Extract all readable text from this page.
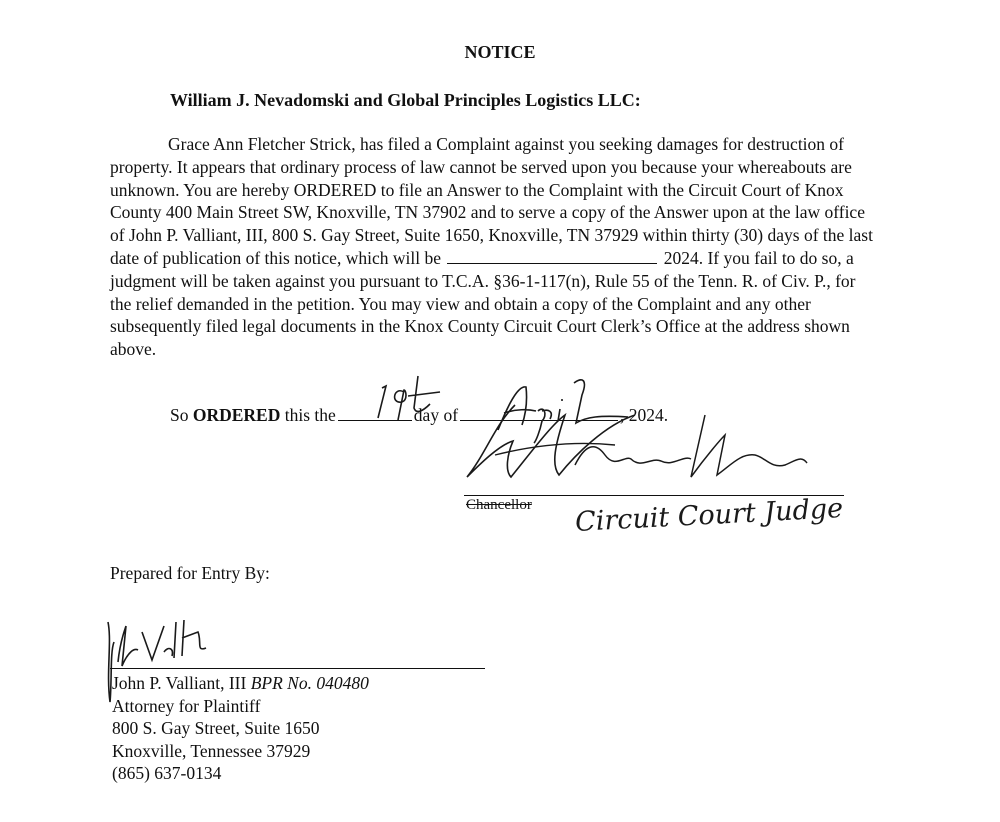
NOTICE
William J. Nevadomski and Global Principles Logistics LLC:

Grace Ann Fletcher Strick, has filed a Complaint against you seeking damages for destruction of property. It appears that ordinary process of law cannot be served upon you because your whereabouts are unknown. You are hereby ORDERED to file an Answer to the Complaint with the Circuit Court of Knox County 400 Main Street SW, Knoxville, TN 37902 and to serve a copy of the Answer upon at the law office of John P. Valliant, III, 800 S. Gay Street, Suite 1650, Knoxville, TN 37929 within thirty (30) days of the last date of publication of this notice, which will be	2024. If you fail to do so, a judgment will be taken against you pursuant to T.C.A. §36-1-117(n), Rule 55 of the Tenn. R. of Civ. P., for the relief demanded in the petition. You may view and obtain a copy of the Complaint and any other subsequently filed legal documents in the Knox County Circuit Court Clerk’s Office at the address shown above.

So ORDERED this the	day of	, 2024.
Chancellor Circuit Court Judge
Prepared for Entry By:
John P. Valliant, III BPR No. 040480
Attorney for Plaintiff
800 S. Gay Street, Suite 1650
Knoxville, Tennessee 37929
(865) 637-0134
